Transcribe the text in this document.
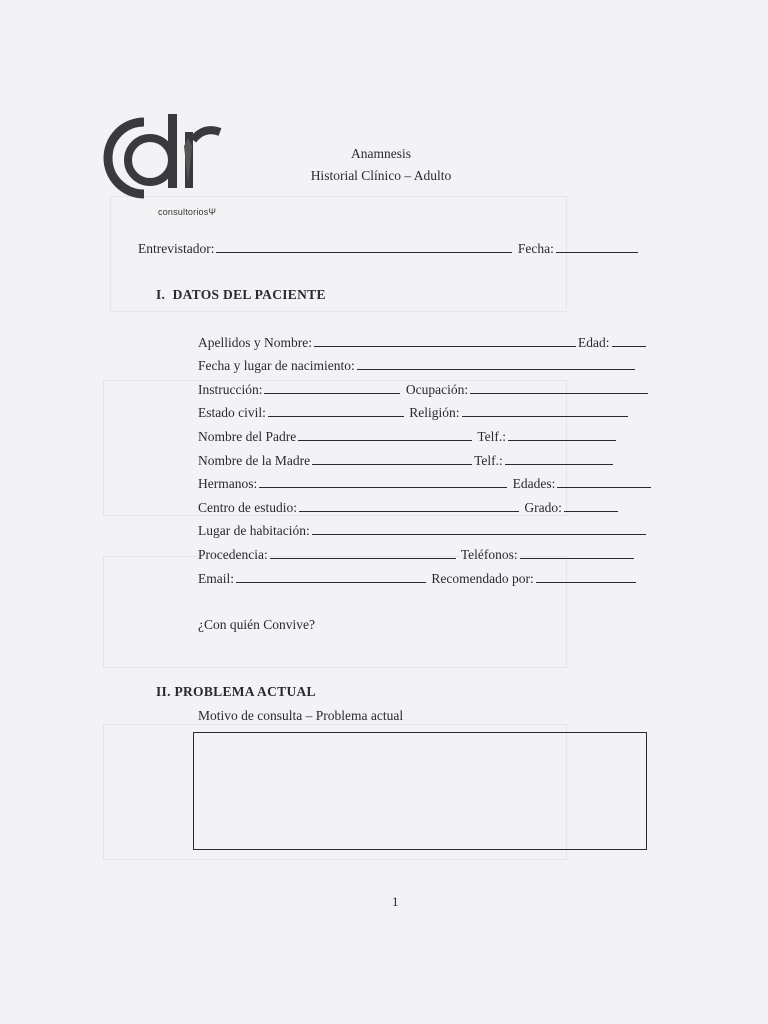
consultoriosΨ
Anamnesis
Historial Clínico – Adulto
Entrevistador:	Fecha:
I.  DATOS DEL PACIENTE
Apellidos y Nombre:	Edad:
Fecha y lugar de nacimiento:
Instrucción:	Ocupación:
Estado civil:	Religión:
Nombre del Padre	Telf.:
Nombre de la Madre	Telf.:
Hermanos:	Edades:
Centro de estudio:	Grado:
Lugar de habitación:
Procedencia:	Teléfonos:
Email:	Recomendado por:
¿Con quién Convive?
II. PROBLEMA ACTUAL
Motivo de consulta – Problema actual
1
